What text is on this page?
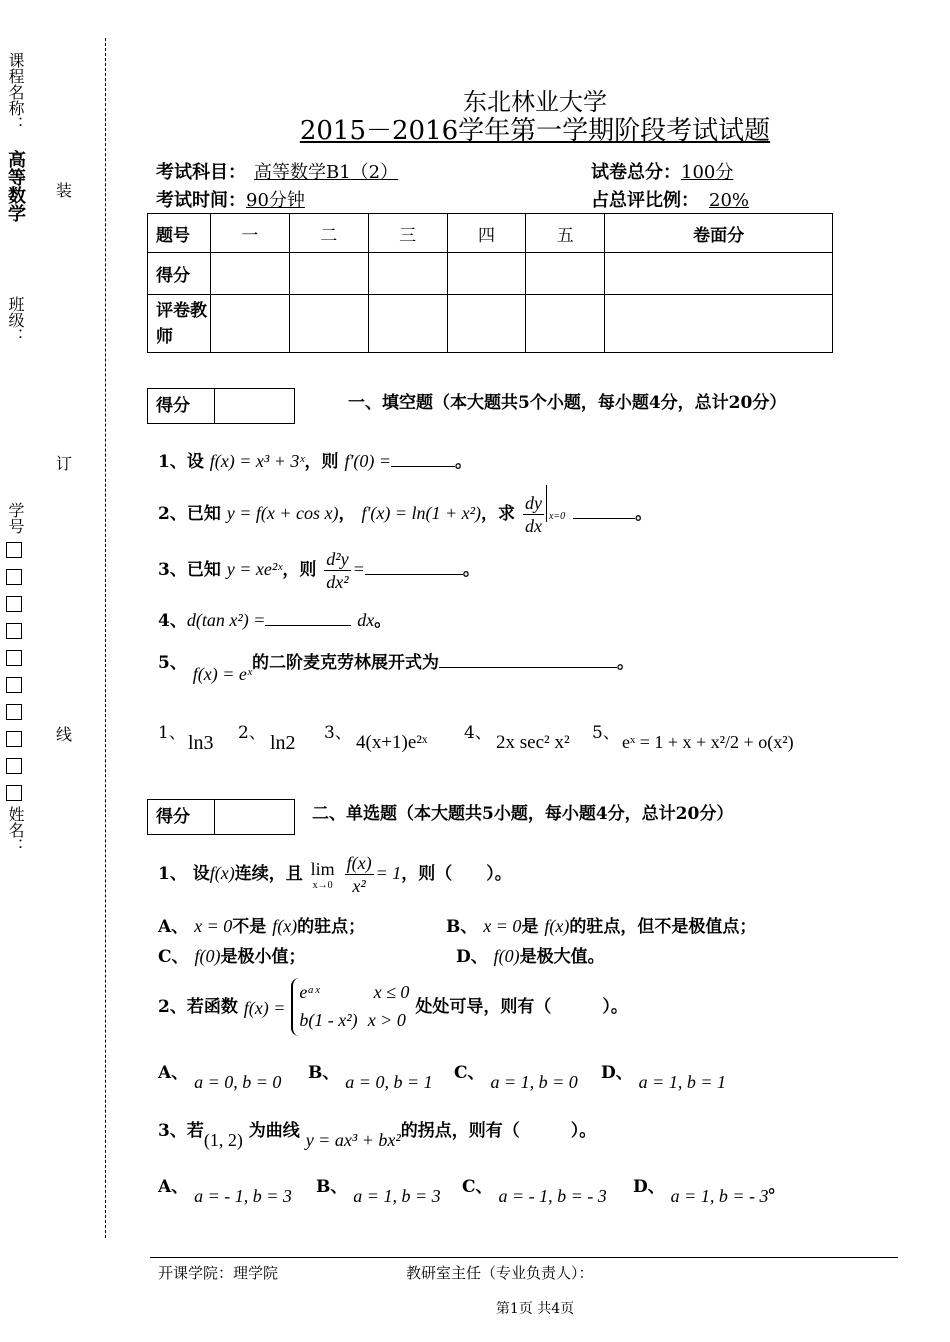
课程名称：
高等数学
班级：
学号
姓名：
装
订
线
东北林业大学
2015－2016学年第一学期阶段考试试题
考试科目： 高等数学B1（2）	试卷总分：100分
考试时间：90分钟	占总评比例： 20%
题号	一	二	三	四	五	卷面分
得分						
评卷教师						
得分	一、填空题（本大题共5个小题，每小题4分，总计20分）
1、设 f(x) = x³ + 3ˣ，则 f′(0) =	。
2、已知 y = f(x + cos x)， f′(x) = ln(1 + x²)，求 $\frac{dy}{dx} x=0$	。
3、已知 y = xe²ˣ，则 $\frac{\text{d²y}}{\text{dx²}}$ =	。
4、d(tan x²) =	dx。
5、 f(x) = eˣ的二阶麦克劳林展开式为	。
1、 ln3 2、 ln2 3、 4(x+1)e²ˣ 4、 2x sec² x² 5、 eˣ = 1 + x + x²/2 + o(x²)
得分	二、单选题（本大题共5小题，每小题4分，总计20分）
1、 设f(x)连续，且 lim
x→0
$\frac{f(x)}{\text{x²}} = 1$，则（　　）。
A、 x = 0不是 f(x)的驻点；	B、 x = 0是 f(x)的驻点，但不是极值点；
C、 f(0)是极小值；	D、 f(0)是极大值。
2、若函数 f(x) =
eᵃˣ	x ≤ 0
b(1 - x²) x > 0
处处可导，则有（　　　）。
A、 a = 0, b = 0 B、 a = 0, b = 1 C、 a = 1, b = 0 D、 a = 1, b = 1
3、若(1, 2) 为曲线 y = ax³ + bx²的拐点，则有（　　　）。
A、 a = - 1, b = 3 B、 a = 1, b = 3 C、 a = - 1, b = - 3 D、 a = 1, b = - 3。
开课学院：理学院	教研室主任（专业负责人）：
第1页 共4页
